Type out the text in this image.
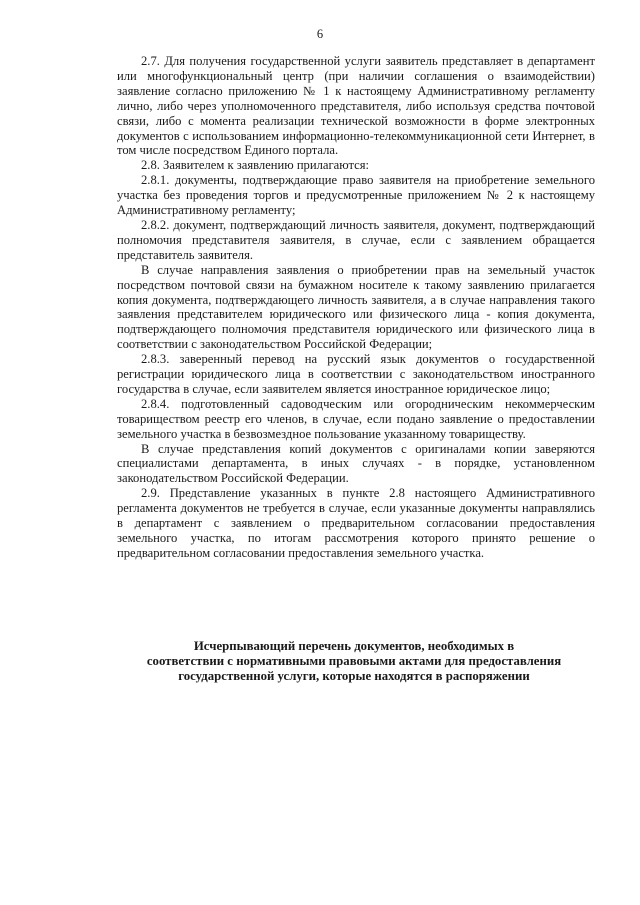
6

2.7. Для получения государственной услуги заявитель представляет в департамент или многофункциональный центр (при наличии соглашения о взаимодействии) заявление согласно приложению № 1 к настоящему Административному регламенту лично, либо через уполномоченного представителя, либо используя средства почтовой связи, либо с момента реализации технической возможности в форме электронных документов с использованием информационно-телекоммуникационной сети Интернет, в том числе посредством Единого портала.

2.8. Заявителем к заявлению прилагаются:

2.8.1. документы, подтверждающие право заявителя на приобретение земельного участка без проведения торгов и предусмотренные приложением № 2 к настоящему Административному регламенту;

2.8.2. документ, подтверждающий личность заявителя, документ, подтверждающий полномочия представителя заявителя, в случае, если с заявлением обращается представитель заявителя.

В случае направления заявления о приобретении прав на земельный участок посредством почтовой связи на бумажном носителе к такому заявлению прилагается копия документа, подтверждающего личность заявителя, а в случае направления такого заявления представителем юридического или физического лица - копия документа, подтверждающего полномочия представителя юридического или физического лица в соответствии с законодательством Российской Федерации;

2.8.3. заверенный перевод на русский язык документов о государственной регистрации юридического лица в соответствии с законодательством иностранного государства в случае, если заявителем является иностранное юридическое лицо;

2.8.4. подготовленный садоводческим или огородническим некоммерческим товариществом реестр его членов, в случае, если подано заявление о предоставлении земельного участка в безвозмездное пользование указанному товариществу.

В случае представления копий документов с оригиналами копии заверяются специалистами департамента, в иных случаях - в порядке, установленном законодательством Российской Федерации.

2.9. Представление указанных в пункте 2.8 настоящего Административного регламента документов не требуется в случае, если указанные документы направлялись в департамент с заявлением о предварительном согласовании предоставления земельного участка, по итогам рассмотрения которого принято решение о предварительном согласовании предоставления земельного участка.

Исчерпывающий перечень документов, необходимых в
соответствии с нормативными правовыми актами для предоставления
государственной услуги, которые находятся в распоряжении
